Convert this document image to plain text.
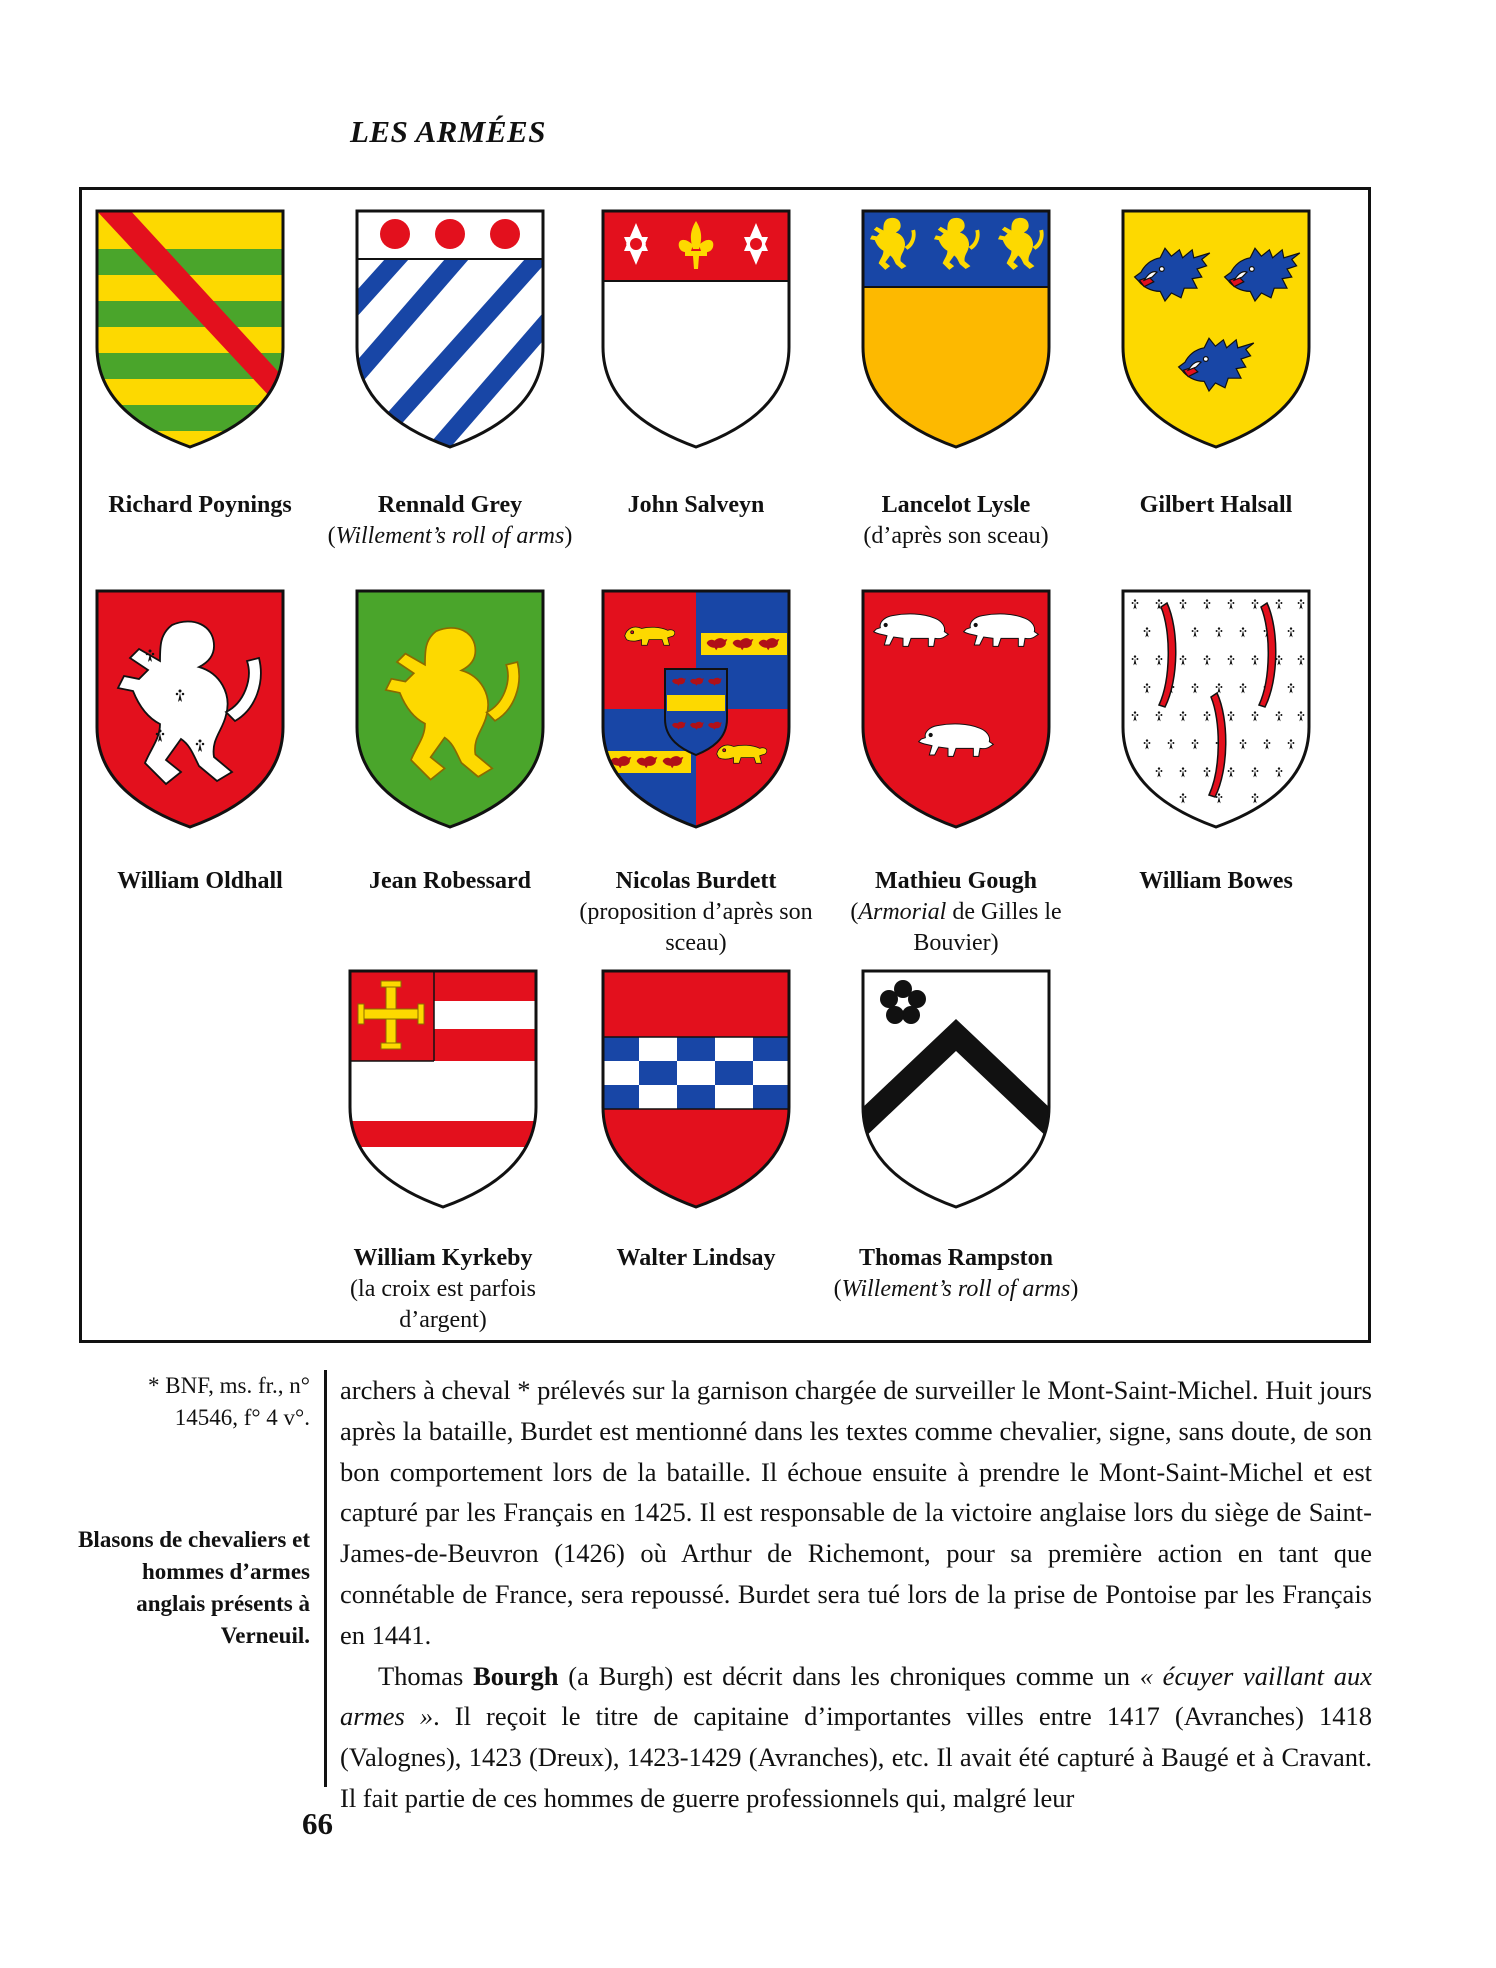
LES ARMÉES
Richard Poynings	Rennald Grey
(Willement’s roll of arms)
John Salveyn	Lancelot Lysle
(d’après son sceau)
Gilbert Halsall
William Oldhall	Jean Robessard	Nicolas Burdett
(proposition d’après son sceau)
Mathieu Gough
(Armorial de Gilles le Bouvier)
William Bowes
William Kyrkeby
(la croix est parfois d’argent)
Walter Lindsay	Thomas Rampston
(Willement’s roll of arms)
* BNF, ms. fr., n° 14546, f° 4 v°.
Blasons de chevaliers et hommes d’armes anglais présents à Verneuil.

archers à cheval * prélevés sur la garnison chargée de surveiller le Mont-Saint-Michel. Huit jours après la bataille, Burdet est mentionné dans les textes comme chevalier, signe, sans doute, de son bon comportement lors de la bataille. Il échoue ensuite à prendre le Mont-Saint-Michel et est capturé par les Français en 1425. Il est responsable de la victoire anglaise lors du siège de Saint-James-de-Beuvron (1426) où Arthur de Richemont, pour sa première action en tant que connétable de France, sera repoussé. Burdet sera tué lors de la prise de Pontoise par les Français en 1441.

Thomas Bourgh (a Burgh) est décrit dans les chroniques comme un « écuyer vaillant aux armes ». Il reçoit le titre de capitaine d’importantes villes entre 1417 (Avranches) 1418 (Valognes), 1423 (Dreux), 1423-1429 (Avranches), etc. Il avait été capturé à Baugé et à Cravant. Il fait partie de ces hommes de guerre professionnels qui, malgré leur

66
